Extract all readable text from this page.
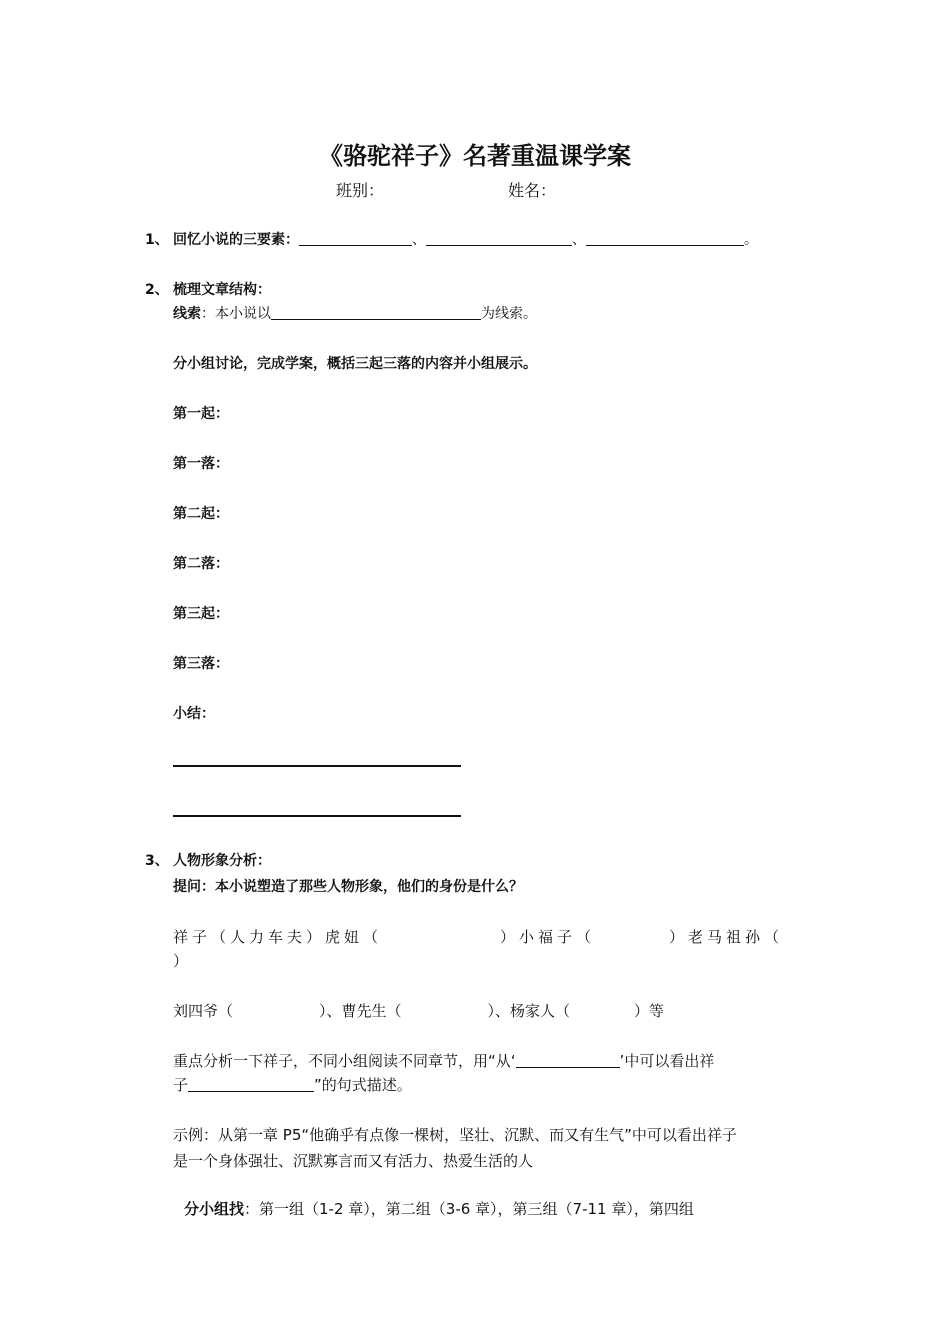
《骆驼祥子》名著重温课学案
班别：	姓名：
1、 回忆小说的三要素：	、	、	。
2、 梳理文章结构：
线索：本小说以	为线索。
分小组讨论，完成学案，概括三起三落的内容并小组展示。
第一起：
第一落：
第二起：
第二落：
第三起：
第三落：
小结：
3、 人物形象分析：
提问：本小说塑造了那些人物形象，他们的身份是什么？
祥子（人力车夫）虎妞（	）小福子（	）老马祖孙（
）
刘四爷（	）、曹先生（	）、杨家人（	）等
重点分析一下祥子，不同小组阅读不同章节，用“从‘	’中可以看出祥
子	”的句式描述。
示例：从第一章 P5“他确乎有点像一棵树，坚壮、沉默、而又有生气”中可以看出祥子
是一个身体强壮、沉默寡言而又有活力、热爱生活的人
分小组找：第一组（1-2 章），第二组（3-6 章），第三组（7-11 章），第四组
